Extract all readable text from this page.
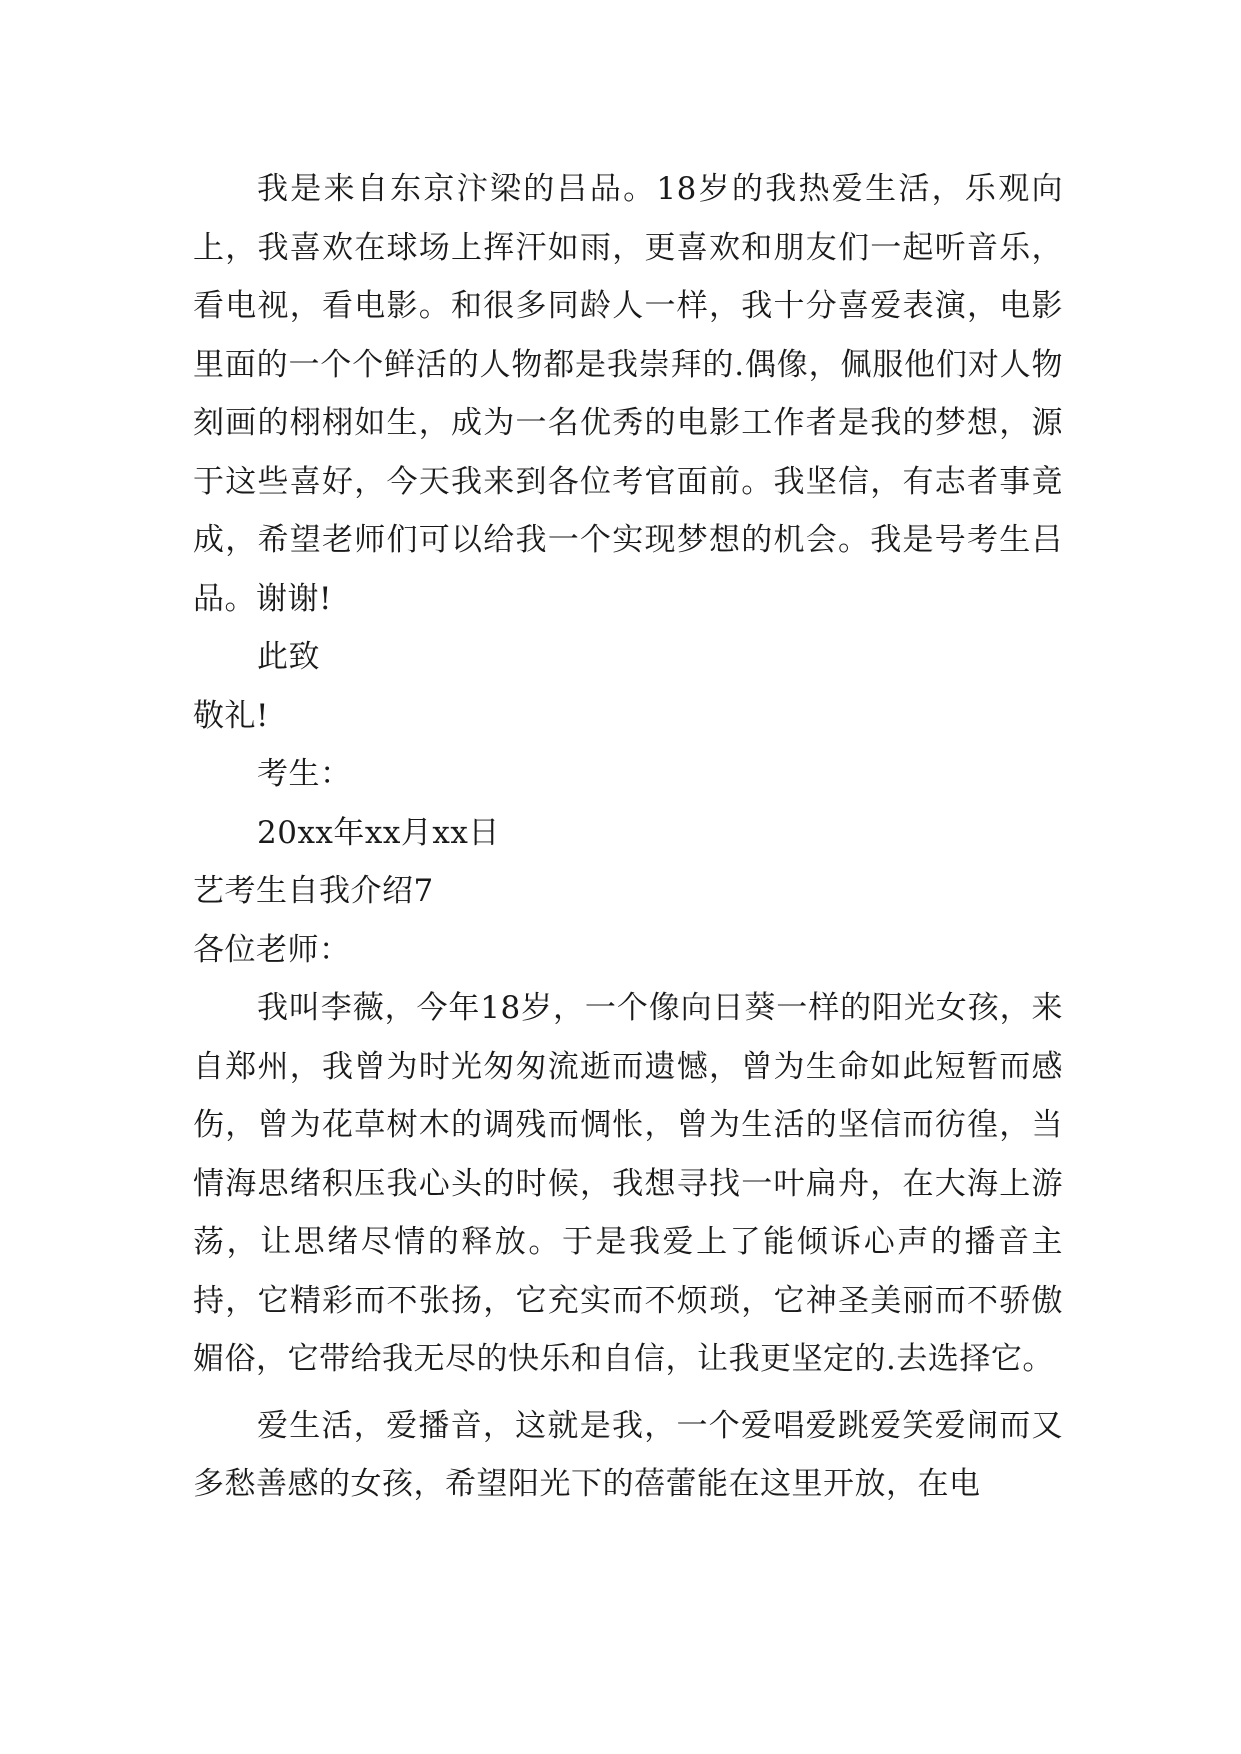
我是来自东京汴梁的吕品。18岁的我热爱生活，乐观向上，我喜欢在球场上挥汗如雨，更喜欢和朋友们一起听音乐，看电视，看电影。和很多同龄人一样，我十分喜爱表演，电影里面的一个个鲜活的人物都是我崇拜的.偶像，佩服他们对人物刻画的栩栩如生，成为一名优秀的电影工作者是我的梦想，源于这些喜好，今天我来到各位考官面前。我坚信，有志者事竟成，希望老师们可以给我一个实现梦想的机会。我是号考生吕品。谢谢!

此致

敬礼!

考生：

20xx年xx月xx日

艺考生自我介绍7

各位老师：

我叫李薇，今年18岁，一个像向日葵一样的阳光女孩，来自郑州，我曾为时光匆匆流逝而遗憾，曾为生命如此短暂而感伤，曾为花草树木的调残而惆怅，曾为生活的坚信而彷徨，当情海思绪积压我心头的时候，我想寻找一叶扁舟，在大海上游荡，让思绪尽情的释放。于是我爱上了能倾诉心声的播音主持，它精彩而不张扬，它充实而不烦琐，它神圣美丽而不骄傲媚俗，它带给我无尽的快乐和自信，让我更坚定的.去选择它。

爱生活，爱播音，这就是我，一个爱唱爱跳爱笑爱闹而又多愁善感的女孩，希望阳光下的蓓蕾能在这里开放，在电
